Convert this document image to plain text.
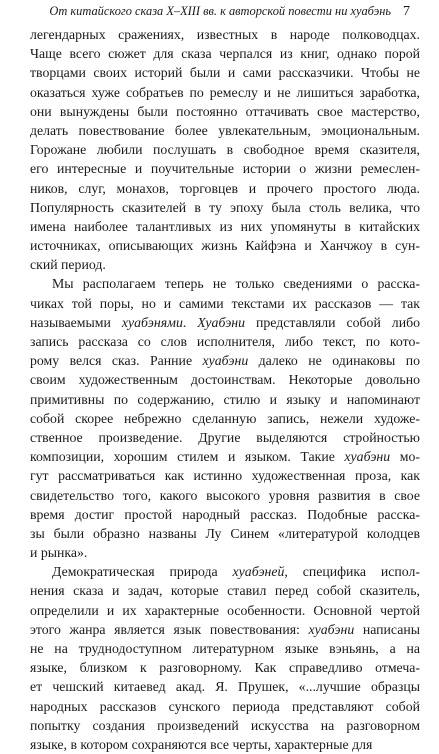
От китайского сказа X–XIII вв. к авторской повести ни хуабэнь 7
легендарных сражениях, известных в народе полководцах.
Чаще всего сюжет для сказа черпался из книг, однако порой
творцами своих историй были и сами рассказчики. Чтобы не
оказаться хуже собратьев по ремеслу и не лишиться заработка,
они вынуждены были постоянно оттачивать свое мастерство,
делать повествование более увлекательным, эмоциональным.
Горожане любили послушать в свободное время сказителя,
его интересные и поучительные истории о жизни ремеслен-
ников, слуг, монахов, торговцев и прочего простого люда.
Популярность сказителей в ту эпоху была столь велика, что
имена наиболее талантливых из них упомянуты в китайских
источниках, описывающих жизнь Кайфэна и Ханчжоу в сун-
ский период.
Мы располагаем теперь не только сведениями о расска-
чиках той поры, но и самими текстами их рассказов — так
называемыми хуабэнями. Хуабэни представляли собой либо
запись рассказа со слов исполнителя, либо текст, по кото-
рому велся сказ. Ранние хуабэни далеко не одинаковы по
своим художественным достоинствам. Некоторые довольно
примитивны по содержанию, стилю и языку и напоминают
собой скорее небрежно сделанную запись, нежели художе-
ственное произведение. Другие выделяются стройностью
композиции, хорошим стилем и языком. Такие хуабэни мо-
гут рассматриваться как истинно художественная проза, как
свидетельство того, какого высокого уровня развития в свое
время достиг простой народный рассказ. Подобные расска-
зы были образно названы Лу Синем «литературой колодцев
и рынка».
Демократическая природа хуабэней, специфика испол-
нения сказа и задач, которые ставил перед собой сказитель,
определили и их характерные особенности. Основной чертой
этого жанра является язык повествования: хуабэни написаны
не на труднодоступном литературном языке вэньянь, а на
языке, близком к разговорному. Как справедливо отмеча-
ет чешский китаевед акад. Я. Прушек, «...лучшие образцы
народных рассказов сунского периода представляют собой
попытку создания произведений искусства на разговорном
языке, в котором сохраняются все черты, характерные для
